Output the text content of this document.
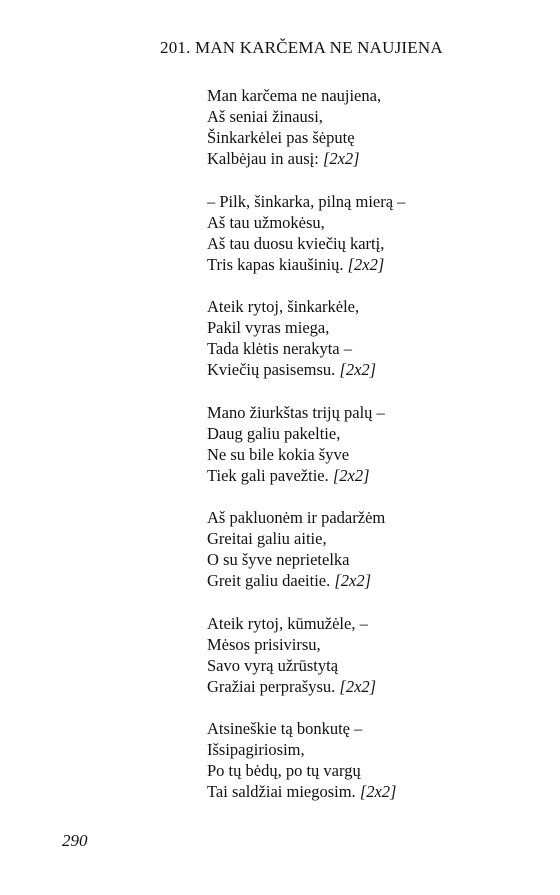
201. MAN KARČEMA NE NAUJIENA
Man karčema ne naujiena,
Aš seniai žinausi,
Šinkarkėlei pas šėputę
Kalbėjau in ausį: [2x2]
– Pilk, šinkarka, pilną mierą –
Aš tau užmokėsu,
Aš tau duosu kviečių kartį,
Tris kapas kiaušinių. [2x2]
Ateik rytoj, šinkarkėle,
Pakil vyras miega,
Tada klėtis nerakyta –
Kviečių pasisemsu. [2x2]
Mano žiurkštas trijų palų –
Daug galiu pakeltie,
Ne su bile kokia šyve
Tiek gali pavežtie. [2x2]
Aš pakluonėm ir padaržėm
Greitai galiu aitie,
O su šyve neprietelka
Greit galiu daeitie. [2x2]
Ateik rytoj, kūmužėle, –
Mėsos prisivirsu,
Savo vyrą užrūstytą
Gražiai perprašysu. [2x2]
Atsineškie tą bonkutę –
Išsipagiriosim,
Po tų bėdų, po tų vargų
Tai saldžiai miegosim. [2x2]
290
